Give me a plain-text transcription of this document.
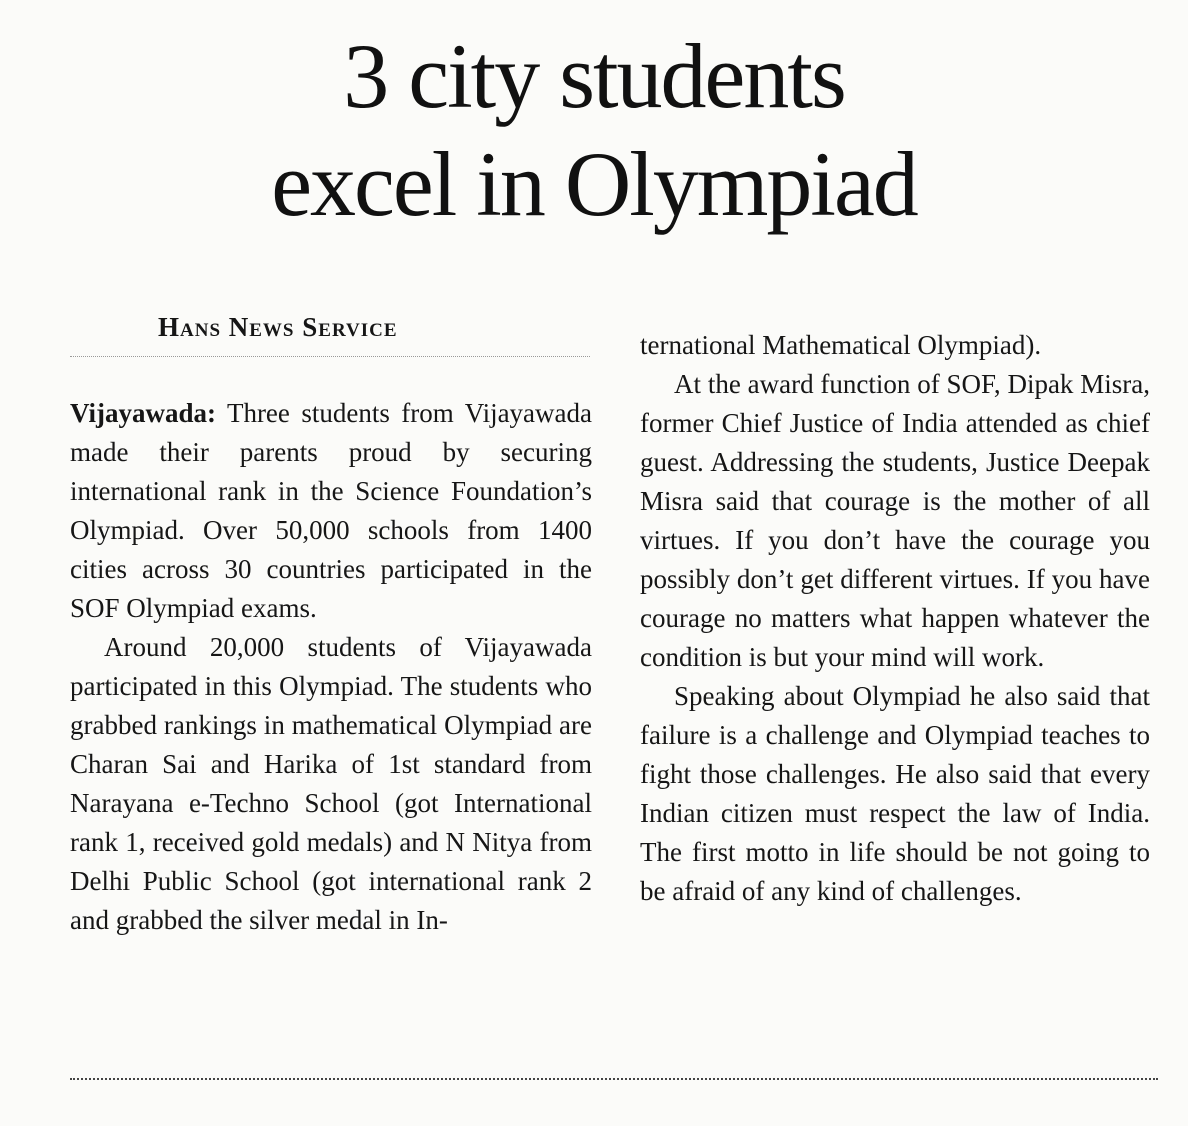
3 city students
excel in Olympiad
Hans News Service

Vijayawada: Three students from Vijayawada made their parents proud by securing international rank in the Science Foundation’s Olympiad. Over 50,000 schools from 1400 cities across 30 countries participated in the SOF Olympiad exams.

Around 20,000 students of Vijayawada participated in this Olympiad. The students who grabbed rankings in mathematical Olympiad are Charan Sai and Harika of 1st standard from Narayana e-Techno School (got International rank 1, received gold medals) and N Nitya from Delhi Public School (got international rank 2 and grabbed the silver medal in In-

ternational Mathematical Olympiad).

At the award function of SOF, Dipak Misra, former Chief Justice of India attended as chief guest. Addressing the students, Justice Deepak Misra said that courage is the mother of all virtues. If you don’t have the courage you possibly don’t get different virtues. If you have courage no matters what happen whatever the condition is but your mind will work.

Speaking about Olympiad he also said that failure is a challenge and Olympiad teaches to fight those challenges. He also said that every Indian citizen must respect the law of India. The first motto in life should be not going to be afraid of any kind of challenges.
